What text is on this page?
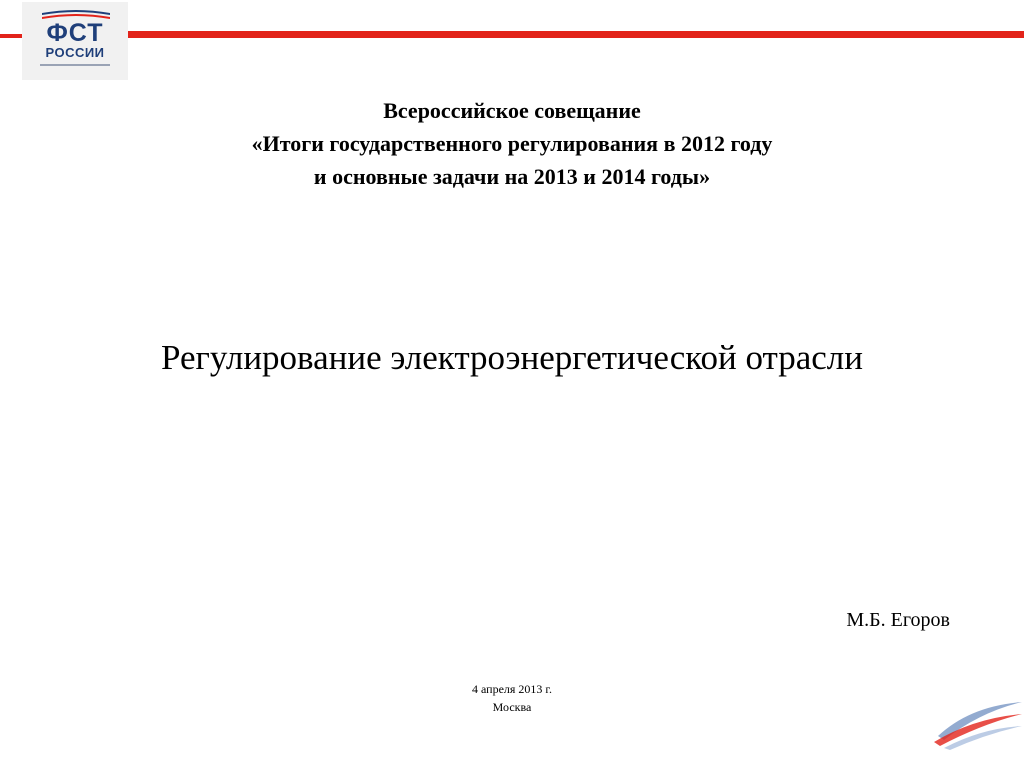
ФСТ
РОССИИ
Всероссийское совещание
«Итоги государственного регулирования в 2012 году
и основные задачи на 2013 и 2014 годы»
Регулирование электроэнергетической отрасли
М.Б. Егоров
4 апреля 2013 г.
Москва
